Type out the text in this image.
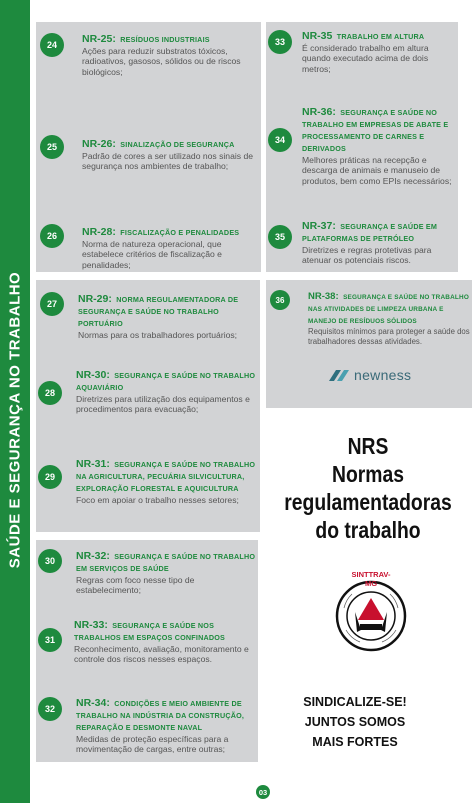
SAÚDE E SEGURANÇA NO TRABALHO
24	NR-25: RESÍDUOS INDUSTRIAIS
Ações para reduzir substratos tóxicos, radioativos, gasosos, sólidos ou de riscos biológicos;
25	NR-26: SINALIZAÇÃO DE SEGURANÇA
Padrão de cores a ser utilizado nos sinais de segurança nos ambientes de trabalho;
26	NR-28: FISCALIZAÇÃO E PENALIDADES
Norma de natureza operacional, que estabelece critérios de fiscalização e penalidades;
27	NR-29: NORMA REGULAMENTADORA DE SEGURANÇA E SAÚDE NO TRABALHO PORTUÁRIO
Normas para os trabalhadores portuários;
28
NR-30: SEGURANÇA E SAÚDE NO TRABALHO AQUAVIÁRIO
Diretrizes para utilização dos equipamentos e procedimentos para evacuação;
29
NR-31: SEGURANÇA E SAÚDE NO TRABALHO NA AGRICULTURA, PECUÁRIA SILVICULTURA, EXPLORAÇÃO FLORESTAL E AQUICULTURA
Foco em apoiar o trabalho nesses setores;
30	NR-32: SEGURANÇA E SAÚDE NO TRABALHO EM SERVIÇOS DE SAÚDE
Regras com foco nesse tipo de estabelecimento;
31
NR-33: SEGURANÇA E SAÚDE NOS TRABALHOS EM ESPAÇOS CONFINADOS
Reconhecimento, avaliação, monitoramento e controle dos riscos nesses espaços.
32	NR-34: CONDIÇÕES E MEIO AMBIENTE DE TRABALHO NA INDÚSTRIA DA CONSTRUÇÃO, REPARAÇÃO E DESMONTE NAVAL
Medidas de proteção específicas para a movimentação de cargas, entre outras;
33	NR-35 TRABALHO EM ALTURA
É considerado trabalho em altura quando executado acima de dois metros;
34
NR-36: SEGURANÇA E SAÚDE NO TRABALHO EM EMPRESAS DE ABATE E PROCESSAMENTO DE CARNES E DERIVADOS
Melhores práticas na recepção e descarga de animais e manuseio de produtos, bem como EPIs necessários;
35
NR-37: SEGURANÇA E SAÚDE EM PLATAFORMAS DE PETRÓLEO
Diretrizes e regras protetivas para atenuar os potenciais riscos.
36	NR-38: SEGURANÇA E SAÚDE NO TRABALHO NAS ATIVIDADES DE LIMPEZA URBANA E MANEJO DE RESÍDUOS SÓLIDOS
Requisitos mínimos para proteger a saúde dos trabalhadores dessas atividades.
newness
NRS
Normas
regulamentadoras
do trabalho
SINTTRAV-MG
SINDICALIZE-SE!
JUNTOS SOMOS
MAIS FORTES
03
